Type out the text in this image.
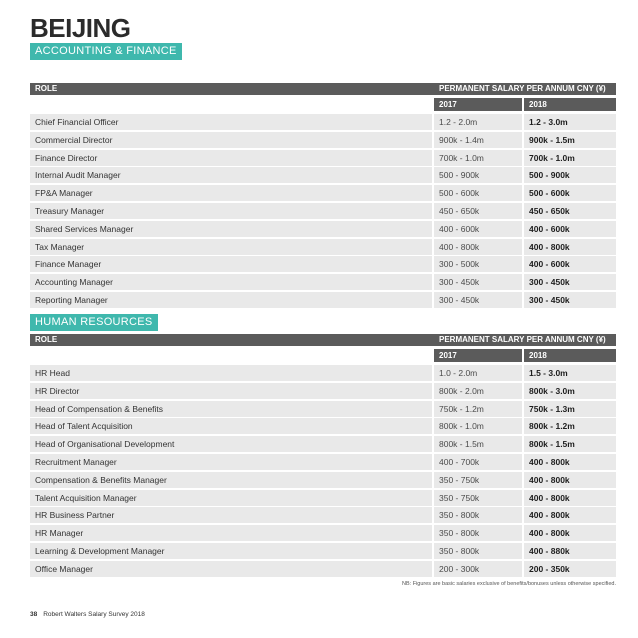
BEIJING
ACCOUNTING & FINANCE
ROLE	PERMANENT SALARY PER ANNUM CNY (¥)
2017	2018
Chief Financial Officer	1.2 - 2.0m	1.2 - 3.0m
Commercial Director	900k - 1.4m	900k - 1.5m
Finance Director	700k - 1.0m	700k - 1.0m
Internal Audit Manager	500 - 900k	500 - 900k
FP&A Manager	500 - 600k	500 - 600k
Treasury Manager	450 - 650k	450 - 650k
Shared Services Manager	400 - 600k	400 - 600k
Tax Manager	400 - 800k	400 - 800k
Finance Manager	300 - 500k	400 - 600k
Accounting Manager	300 - 450k	300 - 450k
Reporting Manager	300 - 450k	300 - 450k
HUMAN RESOURCES
ROLE	PERMANENT SALARY PER ANNUM CNY (¥)
2017	2018
HR Head	1.0 - 2.0m	1.5 - 3.0m
HR Director	800k - 2.0m	800k - 3.0m
Head of Compensation & Benefits	750k - 1.2m	750k - 1.3m
Head of Talent Acquisition	800k - 1.0m	800k - 1.2m
Head of Organisational Development	800k - 1.5m	800k - 1.5m
Recruitment Manager	400 - 700k	400 - 800k
Compensation & Benefits Manager	350 - 750k	400 - 800k
Talent Acquisition Manager	350 - 750k	400 - 800k
HR Business Partner	350 - 800k	400 - 800k
HR Manager	350 - 800k	400 - 800k
Learning & Development Manager	350 - 800k	400 - 880k
Office Manager	200 - 300k	200 - 350k
NB: Figures are basic salaries exclusive of benefits/bonuses unless otherwise specified.
38 Robert Walters Salary Survey 2018
